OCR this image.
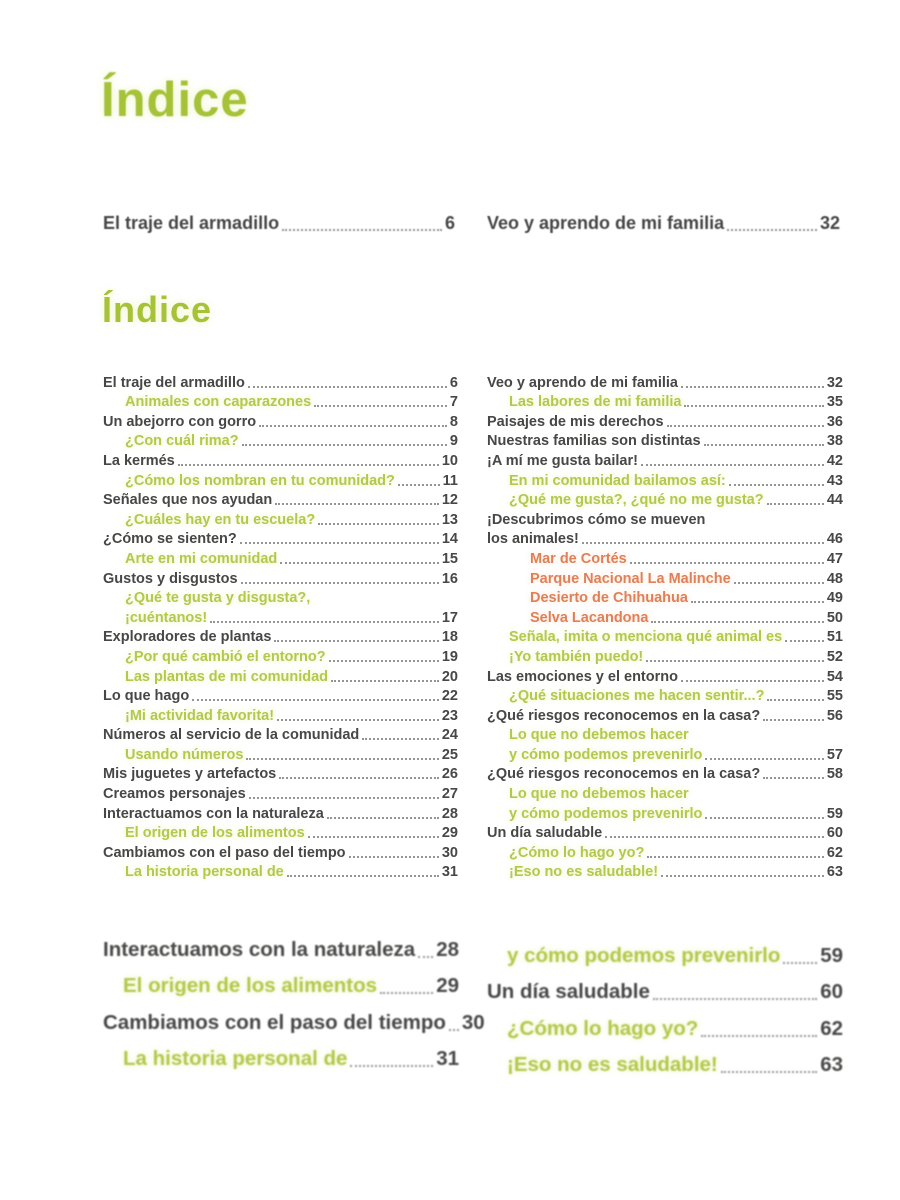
Índice
El traje del armadillo	6 Veo y aprendo de mi familia	32
Índice
El traje del armadillo	6
Animales con caparazones	7
Un abejorro con gorro	8
¿Con cuál rima?	9
La kermés	10
¿Cómo los nombran en tu comunidad?	11
Señales que nos ayudan	12
¿Cuáles hay en tu escuela?	13
¿Cómo se sienten?	14
Arte en mi comunidad	15
Gustos y disgustos	16
¿Qué te gusta y disgusta?,
¡cuéntanos!	17
Exploradores de plantas	18
¿Por qué cambió el entorno?	19
Las plantas de mi comunidad	20
Lo que hago	22
¡Mi actividad favorita!	23
Números al servicio de la comunidad	24
Usando números	25
Mis juguetes y artefactos	26
Creamos personajes	27
Interactuamos con la naturaleza	28
El origen de los alimentos	29
Cambiamos con el paso del tiempo	30
La historia personal de	31
Veo y aprendo de mi familia	32
Las labores de mi familia	35
Paisajes de mis derechos	36
Nuestras familias son distintas	38
¡A mí me gusta bailar!	42
En mi comunidad bailamos así:	43
¿Qué me gusta?, ¿qué no me gusta?	44
¡Descubrimos cómo se mueven
los animales!	46
Mar de Cortés	47
Parque Nacional La Malinche	48
Desierto de Chihuahua	49
Selva Lacandona	50
Señala, imita o menciona qué animal es	51
¡Yo también puedo!	52
Las emociones y el entorno	54
¿Qué situaciones me hacen sentir...?	55
¿Qué riesgos reconocemos en la casa?	56
Lo que no debemos hacer
y cómo podemos prevenirlo	57
¿Qué riesgos reconocemos en la casa?	58
Lo que no debemos hacer
y cómo podemos prevenirlo	59
Un día saludable	60
¿Cómo lo hago yo?	62
¡Eso no es saludable!	63
Interactuamos con la naturaleza 28
El origen de los alimentos	29
Cambiamos con el paso del tiempo 30
La historia personal de	31
y cómo podemos prevenirlo 59
Un día saludable	60
¿Cómo lo hago yo?	62
¡Eso no es saludable!	63
